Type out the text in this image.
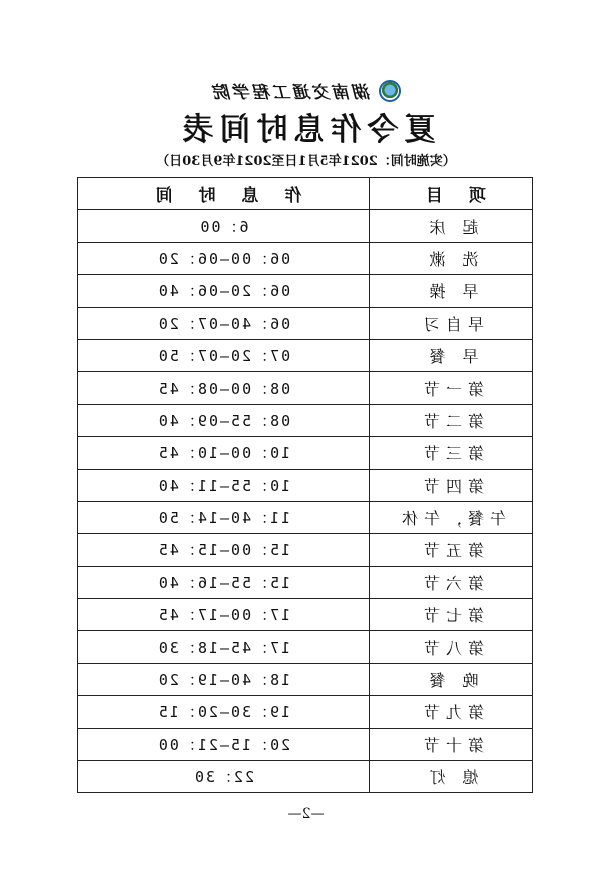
湖南交通工程学院
夏令作息时间表
（实施时间：2021年5月1日至2021年9月30日）
项 目	作 息 时 间
起 床	6：00
洗 漱	06：00—06：20
早 操	06：20—06：40
早自习	06：40—07：20
早 餐	07：20—07：50
第一节	08：00—08：45
第二节	08：55—09：40
第三节	10：00—10：45
第四节	10：55—11：40
午餐，午休	11：40—14：50
第五节	15：00—15：45
第六节	15：55—16：40
第七节	17：00—17：45
第八节	17：45—18：30
晚 餐	18：40—19：20
第九节	19：30—20：15
第十节	20：15—21：00
熄 灯	22：30
—2—
